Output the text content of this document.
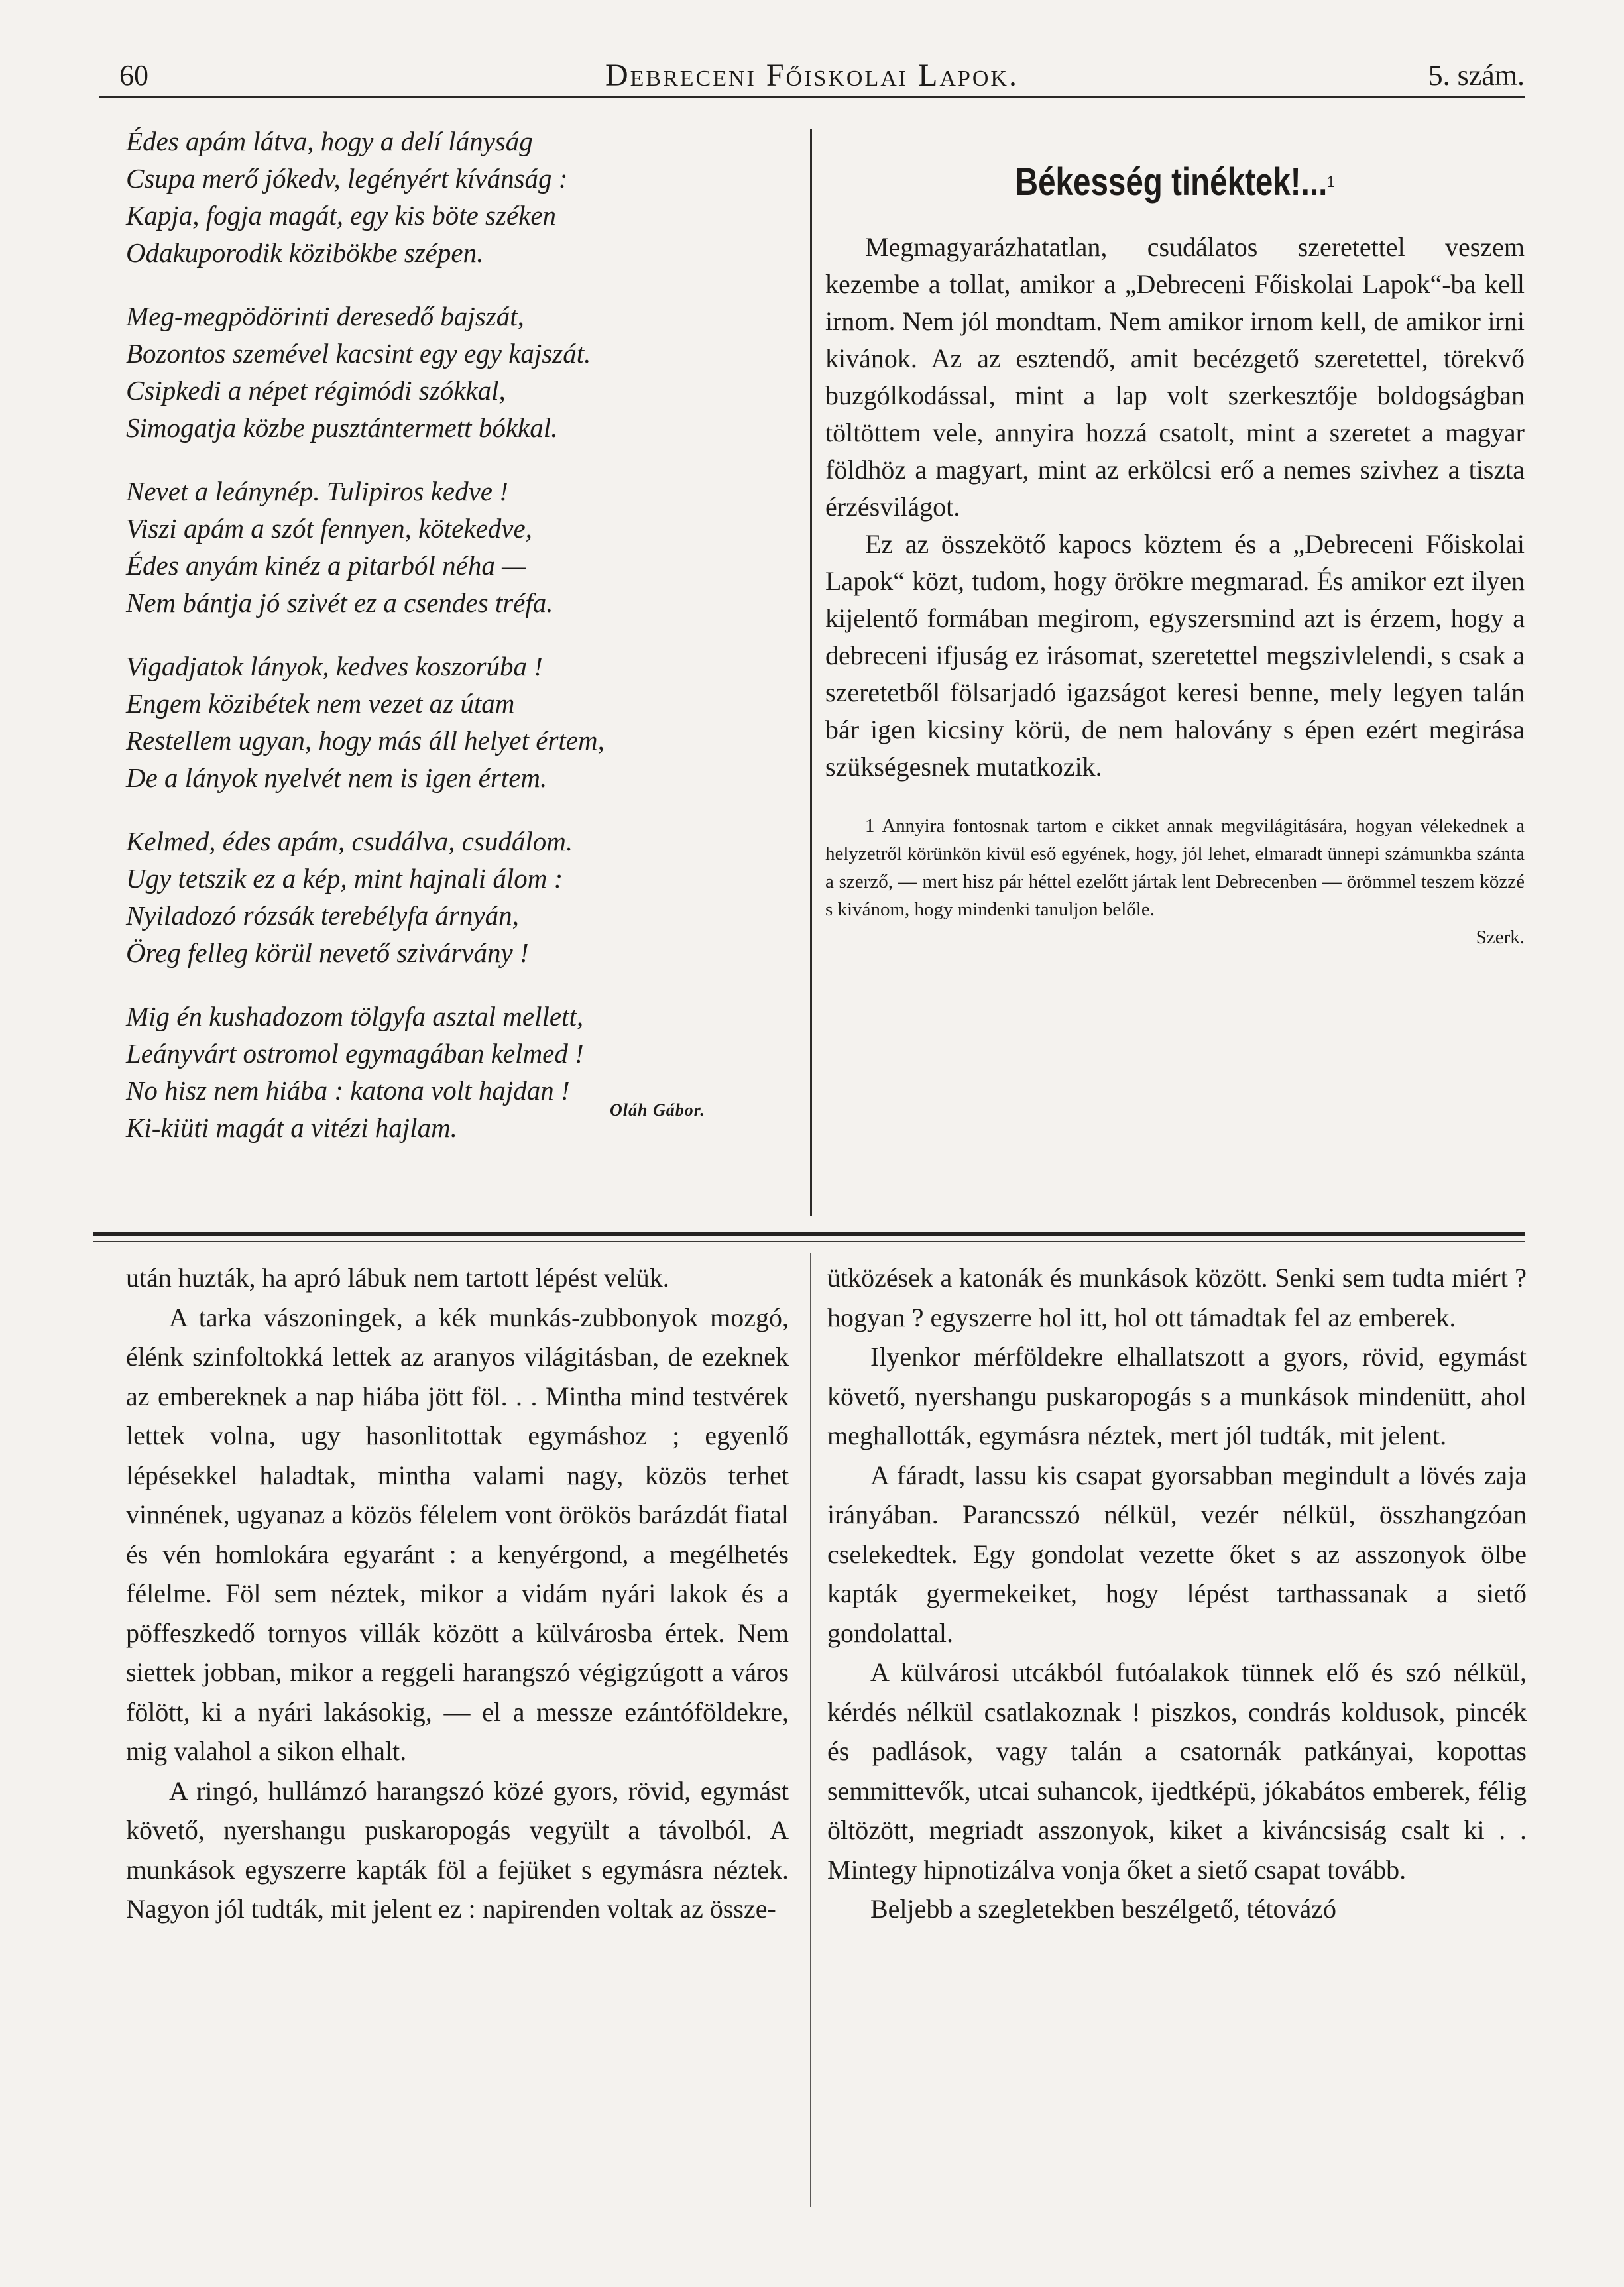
60	Debreceni Főiskolai Lapok.	5. szám.
Édes apám látva, hogy a delí lányság
Csupa merő jókedv, legényért kívánság :
Kapja, fogja magát, egy kis böte széken
Odakuporodik közibökbe szépen.
Meg-megpödörinti deresedő bajszát,
Bozontos szemével kacsint egy egy kajszát.
Csipkedi a népet régimódi szókkal,
Simogatja közbe pusztántermett bókkal.
Nevet a leánynép. Tulipiros kedve !
Viszi apám a szót fennyen, kötekedve,
Édes anyám kinéz a pitarból néha —
Nem bántja jó szivét ez a csendes tréfa.
Vigadjatok lányok, kedves koszorúba !
Engem közibétek nem vezet az útam
Restellem ugyan, hogy más áll helyet értem,
De a lányok nyelvét nem is igen értem.
Kelmed, édes apám, csudálva, csudálom.
Ugy tetszik ez a kép, mint hajnali álom :
Nyiladozó rózsák terebélyfa árnyán,
Öreg felleg körül nevető szivárvány !
Mig én kushadozom tölgyfa asztal mellett,
Leányvárt ostromol egymagában kelmed !
No hisz nem hiába : katona volt hajdan !
Ki-kiüti magát a vitézi hajlam.
Oláh Gábor.
Békesség tinéktek!...$^1$

Megmagyarázhatatlan, csudálatos szeretettel veszem kezembe a tollat, amikor a „Debreceni Főiskolai Lapok“-ba kell irnom. Nem jól mondtam. Nem amikor irnom kell, de amikor irni kivánok. Az az esztendő, amit becézgető szeretettel, törekvő buzgólkodással, mint a lap volt szerkesztője boldogságban töltöttem vele, annyira hozzá csatolt, mint a szeretet a magyar földhöz a magyart, mint az erkölcsi erő a nemes szivhez a tiszta érzésvilágot.

Ez az összekötő kapocs köztem és a „Debreceni Főiskolai Lapok“ közt, tudom, hogy örökre megmarad. És amikor ezt ilyen kijelentő formában megirom, egyszersmind azt is érzem, hogy a debreceni ifjuság ez irásomat, szeretettel megszivlelendi, s csak a szeretetből fölsarjadó igazságot keresi benne, mely legyen talán bár igen kicsiny körü, de nem halovány s épen ezért megirása szükségesnek mutatkozik.

1 Annyira fontosnak tartom e cikket annak megvilágitására, hogyan vélekednek a helyzetről körünkön kivül eső egyének, hogy, jól lehet, elmaradt ünnepi számunkba szánta a szerző, — mert hisz pár héttel ezelőtt jártak lent Debrecenben — örömmel teszem közzé s kivánom, hogy mindenki tanuljon belőle.
Szerk.

után huzták, ha apró lábuk nem tartott lépést velük.

A tarka vászoningek, a kék munkás-zubbonyok mozgó, élénk szinfoltokká lettek az aranyos világitásban, de ezeknek az embereknek a nap hiába jött föl. . . Mintha mind testvérek lettek volna, ugy hasonlitottak egymáshoz ; egyenlő lépésekkel haladtak, mintha valami nagy, közös terhet vinnének, ugyanaz a közös félelem vont örökös barázdát fiatal és vén homlokára egyaránt : a kenyérgond, a megélhetés félelme. Föl sem néztek, mikor a vidám nyári lakok és a pöffeszkedő tornyos villák között a külvárosba értek. Nem siettek jobban, mikor a reggeli harangszó végigzúgott a város fölött, ki a nyári lakásokig, — el a messze ezántóföldekre, mig valahol a sikon elhalt.

A ringó, hullámzó harangszó közé gyors, rövid, egymást követő, nyershangu puskaropogás vegyült a távolból. A munkások egyszerre kapták föl a fejüket s egymásra néztek. Nagyon jól tudták, mit jelent ez : napirenden voltak az össze-

ütközések a katonák és munkások között. Senki sem tudta miért ? hogyan ? egyszerre hol itt, hol ott támadtak fel az emberek.

Ilyenkor mérföldekre elhallatszott a gyors, rövid, egymást követő, nyershangu puskaropogás s a munkások mindenütt, ahol meghallották, egymásra néztek, mert jól tudták, mit jelent.

A fáradt, lassu kis csapat gyorsabban megindult a lövés zaja irányában. Parancsszó nélkül, vezér nélkül, összhangzóan cselekedtek. Egy gondolat vezette őket s az asszonyok ölbe kapták gyermekeiket, hogy lépést tarthassanak a siető gondolattal.

A külvárosi utcákból futóalakok tünnek elő és szó nélkül, kérdés nélkül csatlakoznak ! piszkos, condrás koldusok, pincék és padlások, vagy talán a csatornák patkányai, kopottas semmittevők, utcai suhancok, ijedtképü, jókabátos emberek, félig öltözött, megriadt asszonyok, kiket a kiváncsiság csalt ki . . Mintegy hipnotizálva vonja őket a siető csapat tovább.

Beljebb a szegletekben beszélgető, tétovázó
